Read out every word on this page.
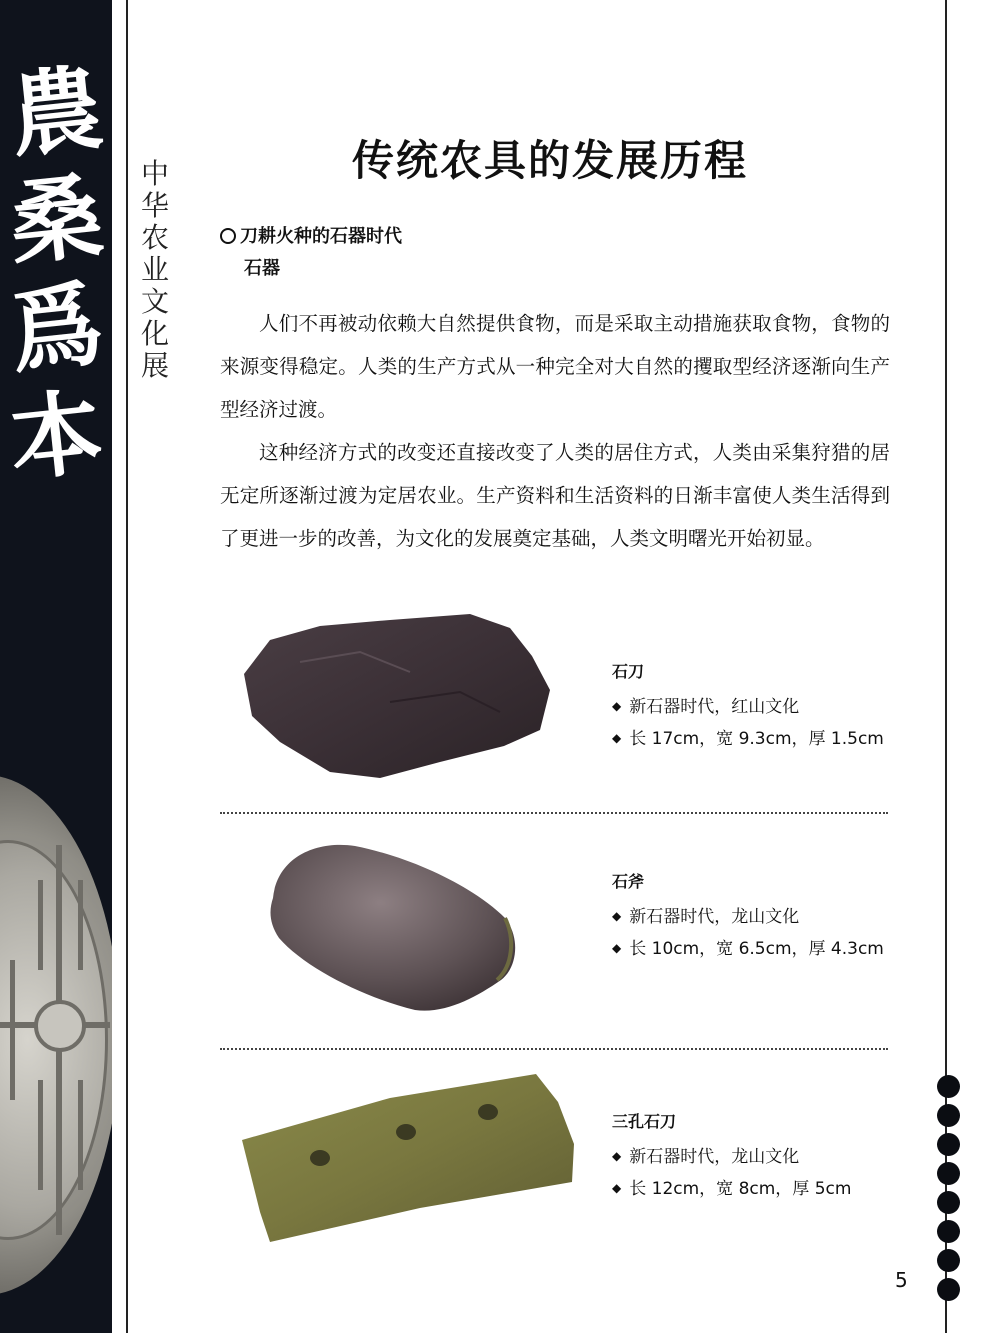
農
桑
爲
本
中
华
农
业
文
化
展
传统农具的发展历程
刀耕火种的石器时代
石器

人们不再被动依赖大自然提供食物，而是采取主动措施获取食物，食物的来源变得稳定。人类的生产方式从一种完全对大自然的攫取型经济逐渐向生产型经济过渡。

这种经济方式的改变还直接改变了人类的居住方式，人类由采集狩猎的居无定所逐渐过渡为定居农业。生产资料和生活资料的日渐丰富使人类生活得到了更进一步的改善，为文化的发展奠定基础，人类文明曙光开始初显。

石刀
◆ 新石器时代，红山文化
◆ 长 17cm，宽 9.3cm，厚 1.5cm
石斧
◆ 新石器时代，龙山文化
◆ 长 10cm，宽 6.5cm，厚 4.3cm
三孔石刀
◆ 新石器时代，龙山文化
◆ 长 12cm，宽 8cm，厚 5cm
5
